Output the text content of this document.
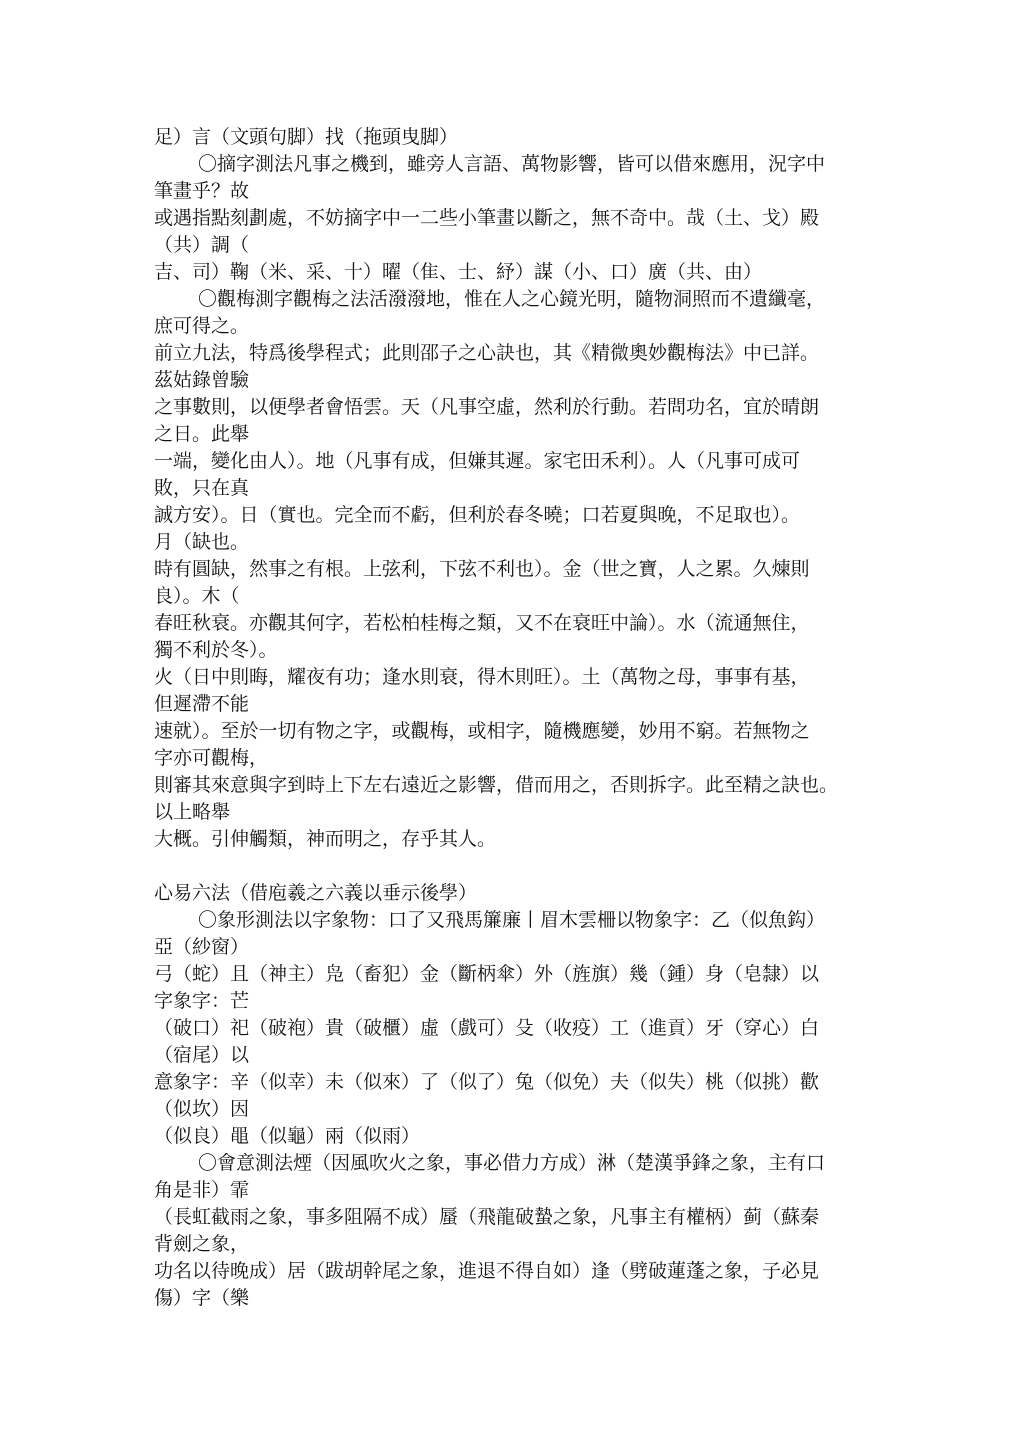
足）言（文頭句脚）找（拖頭曳脚）
〇摘字測法凡事之機到，雖旁人言語、萬物影響，皆可以借來應用，況字中
筆畫乎？故
或遇指點刻劃處，不妨摘字中一二些小筆畫以斷之，無不奇中。哉（土、戈）殿
（共）調（
吉、司）鞠（米、采、十）曜（隹、士、紓）謀（小、口）廣（共、由）
〇觀梅測字觀梅之法活潑潑地，惟在人之心鏡光明，隨物洞照而不遺纖毫，
庶可得之。
前立九法，特爲後學程式；此則邵子之心訣也，其《精微奧妙觀梅法》中已詳。
茲姑錄曾驗
之事數則，以便學者會悟雲。天（凡事空虛，然利於行動。若問功名，宜於晴朗
之日。此舉
一端，變化由人）。地（凡事有成，但嫌其遲。家宅田禾利）。人（凡事可成可
敗，只在真
誠方安）。日（實也。完全而不虧，但利於春冬曉；口若夏與晚，不足取也）。
月（缺也。
時有圓缺，然事之有根。上弦利，下弦不利也）。金（世之寶，人之累。久煉則
良）。木（
春旺秋衰。亦觀其何字，若松柏桂梅之類，又不在衰旺中論）。水（流通無住，
獨不利於冬）。
火（日中則晦，耀夜有功；逢水則衰，得木則旺）。土（萬物之母，事事有基，
但遲滯不能
速就）。至於一切有物之字，或觀梅，或相字，隨機應變，妙用不窮。若無物之
字亦可觀梅，
則審其來意與字到時上下左右遠近之影響，借而用之，否則拆字。此至精之訣也。
以上略舉
大概。引伸觸類，神而明之，存乎其人。
心易六法（借庖羲之六義以垂示後學）
〇象形測法以字象物：口了又飛馬簾廉丨眉木雲柵以物象字：乙（似魚鈎）
亞（紗窗）
弓（蛇）且（神主）凫（畜犯）金（斷柄傘）外（旌旗）幾（鍾）身（皂隸）以
字象字：芒
（破口）祀（破袍）貴（破櫃）虛（戲可）殳（收疫）工（進貢）牙（穿心）白
（宿尾）以
意象字：辛（似幸）未（似來）了（似了）兔（似免）夫（似失）桃（似挑）歡
（似坎）因
（似良）黽（似龜）兩（似雨）
〇會意測法煙（因風吹火之象，事必借力方成）淋（楚漢爭鋒之象，主有口
角是非）霏
（長虹截雨之象，事多阻隔不成）蜃（飛龍破蟄之象，凡事主有權柄）蓟（蘇秦
背劍之象，
功名以待晚成）居（跋胡幹尾之象，進退不得自如）逢（劈破蓮蓬之象，子必見
傷）字（樂
